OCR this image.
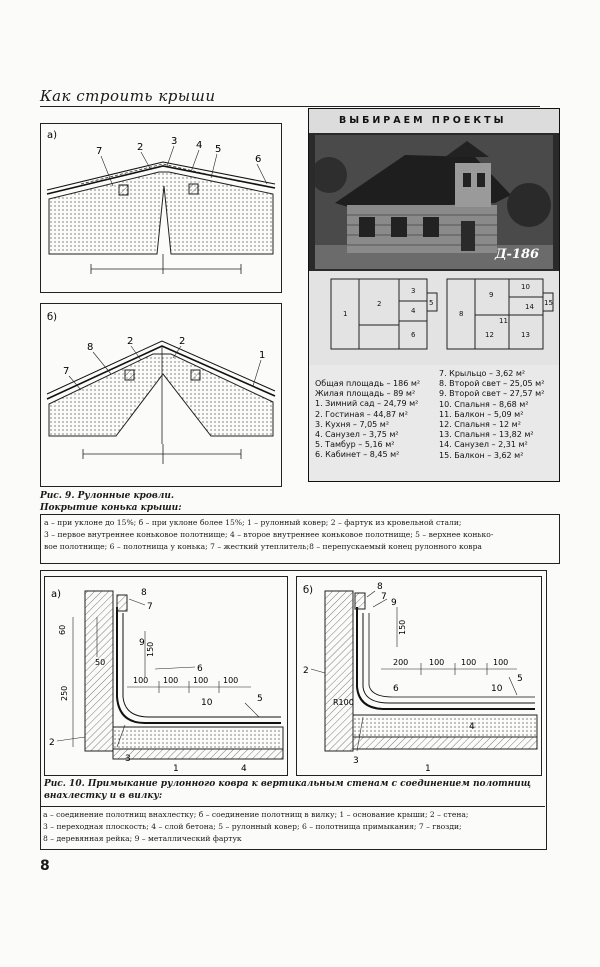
Как строить крыши
а)
7	2
3 4 5
6
б)
7
8
2	2
1
ВЫБИРАЕМ ПРОЕКТЫ
Д-186
1
2
3
4
5
6
8
9
10
11
12	13
14 15
Общая площадь – 186 м²
Жилая площадь – 89 м²
1. Зимний сад – 24,79 м²
2. Гостиная – 44,87 м²
3. Кухня – 7,05 м²
4. Санузел – 3,75 м²
5. Тамбур – 5,16 м²
6. Кабинет – 8,45 м²
7. Крыльцо – 3,62 м²
8. Второй свет – 25,05 м²
9. Второй свет – 27,57 м²
10. Спальня – 8,68 м²
11. Балкон – 5,09 м²
12. Спальня – 12 м²
13. Спальня – 13,82 м²
14. Санузел – 2,31 м²
15. Балкон – 3,62 м²
Рис. 9. Рулонные кровли.
Покрытие конька крыши:
а – при уклоне до 15%; б – при уклоне более 15%; 1 – рулонный ковер; 2 – фартук из кровельной стали;
3 – первое внутреннее коньковое полотнище; 4 – второе внутреннее коньковое полотнище; 5 – верхнее конько-
вое полотнище; 6 – полотнища у конька; 7 – жесткий утеплитель;8 – перепускаемый конец рулонного ковра
а)	8
7
9
6
10	5
4
3
2
1
60
50
150
250
100 100 100 100
б)	8
7
9
2
6	10
5
4
3
1
150
200	100 100 100
R100
Рис. 10. Примыкание рулонного ковра к вертикальным стенам с соединением полотнищ
внахлестку и в вилку:
а – соединение полотнищ внахлестку; б – соединение полотнищ в вилку; 1 – основание крыши; 2 – стена;
3 – переходная плоскость; 4 – слой бетона; 5 – рулонный ковер; 6 – полотнища примыкания; 7 – гвозди;
8 – деревянная рейка; 9 – металлический фартук
8
